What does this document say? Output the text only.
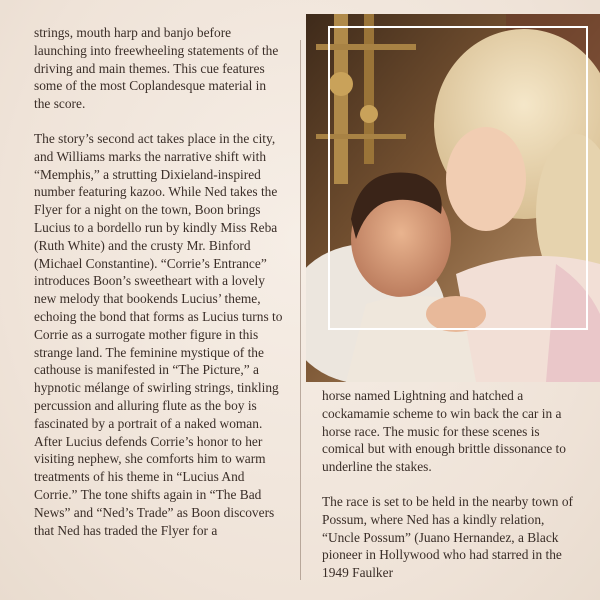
strings, mouth harp and banjo before launching into freewheeling statements of the driving and main themes. This cue features some of the most Coplandesque material in the score.

The story’s second act takes place in the city, and Williams marks the narrative shift with “Memphis,” a strutting Dixieland-inspired number featuring kazoo. While Ned takes the Flyer for a night on the town, Boon brings Lucius to a bordello run by kindly Miss Reba (Ruth White) and the crusty Mr. Binford (Michael Constantine). “Corrie’s Entrance” introduces Boon’s sweetheart with a lovely new melody that bookends Lucius’ theme, echoing the bond that forms as Lucius turns to Corrie as a surrogate mother figure in this strange land. The feminine mystique of the cathouse is manifested in “The Picture,” a hypnotic mélange of swirling strings, tinkling percussion and alluring flute as the boy is fascinated by a portrait of a naked woman. After Lucius defends Corrie’s honor to her visiting nephew, she comforts him to warm treatments of his theme in “Lucius And Corrie.” The tone shifts again in “The Bad News” and “Ned’s Trade” as Boon discovers that Ned has traded the Flyer for a

horse named Lightning and hatched a cockamamie scheme to win back the car in a horse race. The music for these scenes is comical but with enough brittle dissonance to underline the stakes.

The race is set to be held in the nearby town of Possum, where Ned has a kindly relation, “Uncle Possum” (Juano Hernandez, a Black pioneer in Hollywood who had starred in the 1949 Faulker
